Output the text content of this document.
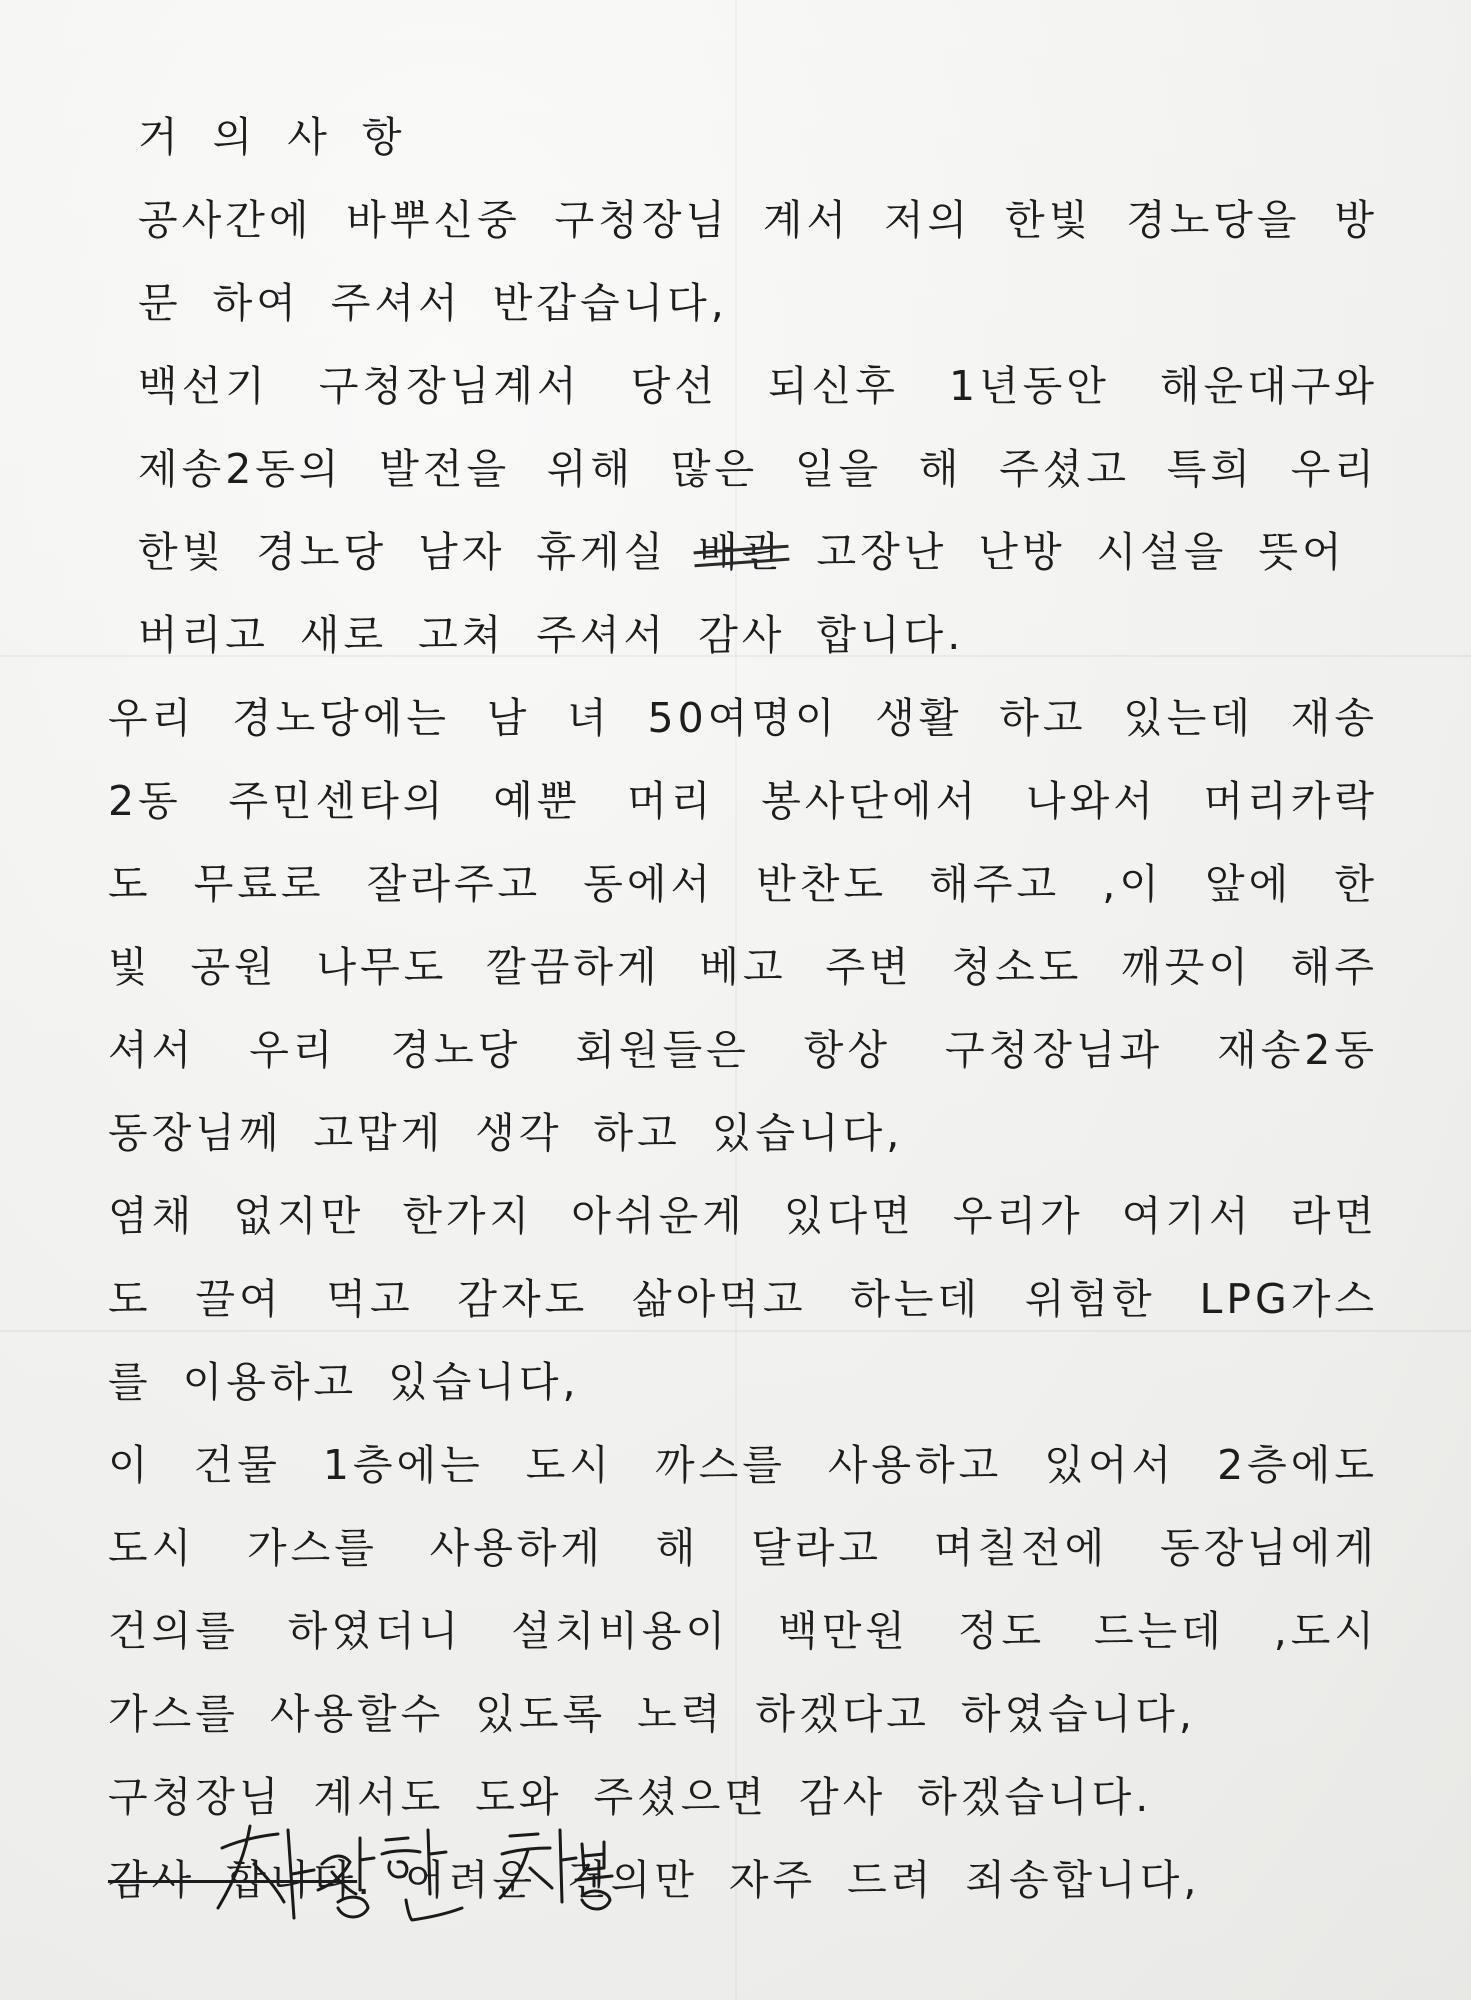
거 의 사 항
공사간에 바뿌신중 구청장님 계서 저의 한빛 경노당을 방
문 하여 주셔서 반갑습니다,
백선기 구청장님계서 당선 되신후 1년동안 해운대구와
제송2동의 발전을 위해 많은 일을 해 주셨고 특희 우리
한빛 경노당 남자 휴게실 배관 고장난 난방 시설을 뜻어
버리고 새로 고쳐 주셔서 감사 합니다.
우리 경노당에는 남 녀 50여명이 생활 하고 있는데 재송
2동 주민센타의 예뿐 머리 봉사단에서 나와서 머리카락
도 무료로 잘라주고 동에서 반찬도 해주고 ,이 앞에 한
빛 공원 나무도 깔끔하게 베고 주변 청소도 깨끗이 해주
셔서 우리 경노당 회원들은 항상 구청장님과 재송2동
동장님께 고맙게 생각 하고 있습니다,
염채 없지만 한가지 아쉬운게 있다면 우리가 여기서 라면
도 끌여 먹고 감자도 삶아먹고 하는데 위험한 LPG가스
를 이용하고 있습니다,
이 건물 1층에는 도시 까스를 사용하고 있어서 2층에도
도시 가스를 사용하게 해 달라고 며칠전에 동장님에게
건의를 하였더니 설치비용이 백만원 정도 드는데 ,도시
가스를 사용할수 있도록 노력 하겠다고 하였습니다,
구청장님 계서도 도와 주셨으면 감사 하겠습니다.
감사 합니다. 어려운 건의만 자주 드려 죄송합니다,
